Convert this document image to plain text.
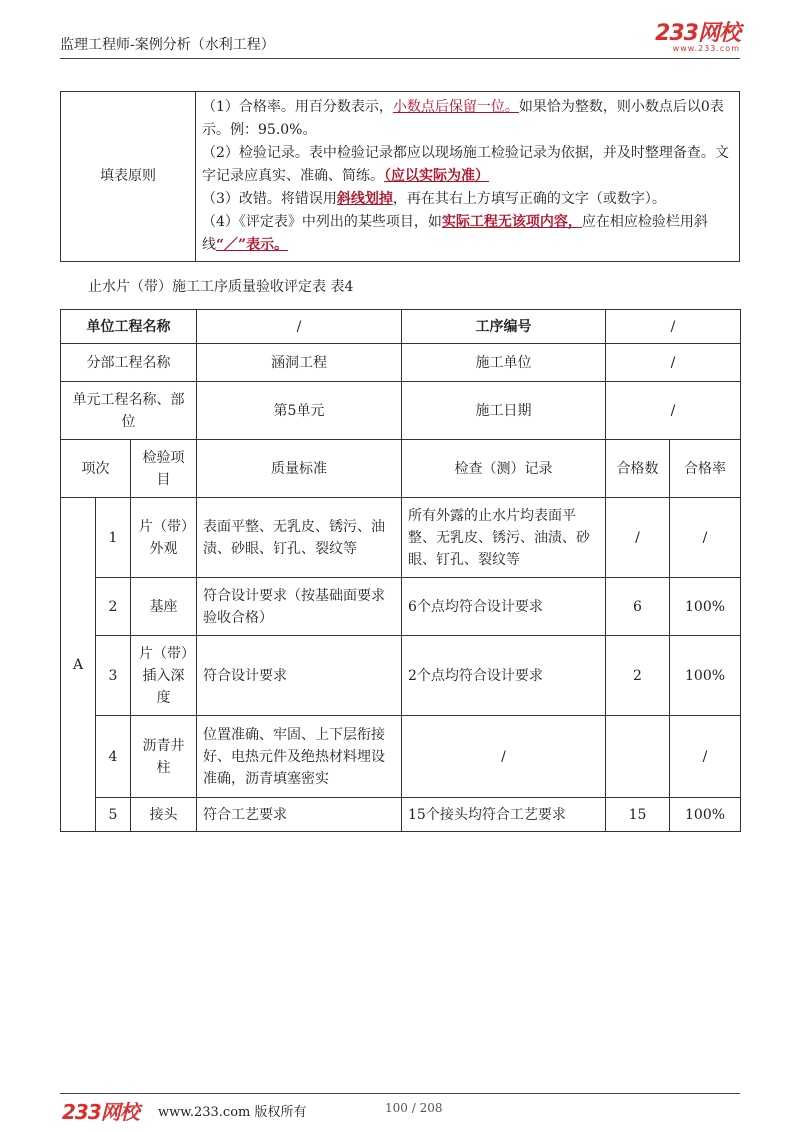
监理工程师-案例分析（水利工程）	233网校
www.233.com
填表原则	
（1）合格率。用百分数表示，小数点后保留一位。如果恰为整数，则小数点后以0表示。例：95.0%。
（2）检验记录。表中检验记录都应以现场施工检验记录为依据，并及时整理备查。文字记录应真实、准确、简练。（应以实际为准）
（3）改错。将错误用斜线划掉，再在其右上方填写正确的文字（或数字）。
（4）《评定表》中列出的某些项目，如实际工程无该项内容，应在相应检验栏用斜线“／”表示。
止水片（带）施工工序质量验收评定表 表4
单位工程名称			/	工序编号	/	
分部工程名称			涵洞工程	施工单位	/	
单元工程名称、部位			第5单元	施工日期	/	
项次		检验项目	质量标准	检查（测）记录	合格数	合格率
A	1	片（带）外观	表面平整、无乳皮、锈污、油渍、砂眼、钉孔、裂纹等	所有外露的止水片均表面平整、无乳皮、锈污、油渍、砂眼、钉孔、裂纹等	/	/
	2	基座	符合设计要求（按基础面要求验收合格）	6个点均符合设计要求	6	100%
	3	片（带）插入深度	符合设计要求	2个点均符合设计要求	2	100%
	4	沥青井柱	位置准确、牢固、上下层衔接好、电热元件及绝热材料埋设准确，沥青填塞密实	/		/
	5	接头	符合工艺要求	15个接头均符合工艺要求	15	100%
233网校 www.233.com 版权所有	100 / 208
